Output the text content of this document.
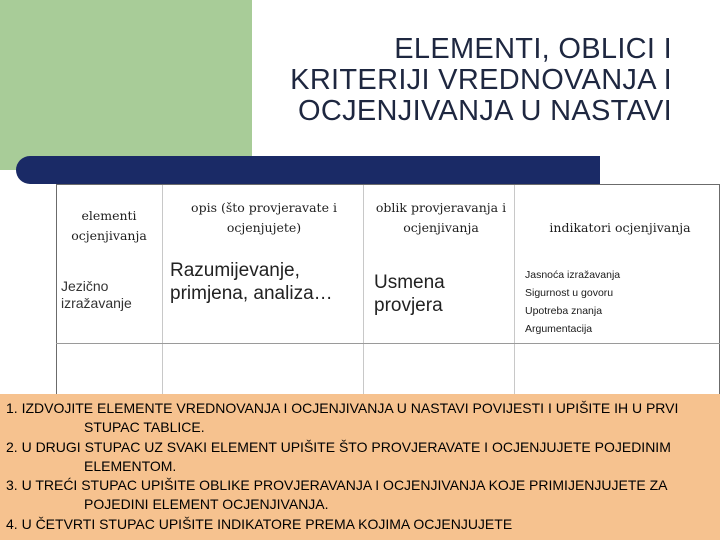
ELEMENTI, OBLICI I
KRITERIJI VREDNOVANJA I
OCJENJIVANJA U NASTAVI
elementi ocjenjivanja
opis (što provjeravate i ocjenjujete)
oblik provjeravanja i ocjenjivanja	indikatori ocjenjivanja
Jezično izražavanje
Razumijevanje, primjena, analiza…
Usmena provjera
Jasnoća izražavanja
Sigurnost u govoru
Upotreba znanja
Argumentacija
1. IZDVOJITE ELEMENTE VREDNOVANJA I OCJENJIVANJA U NASTAVI POVIJESTI I UPIŠITE IH U PRVI STUPAC TABLICE.
2. U DRUGI STUPAC UZ SVAKI ELEMENT UPIŠITE ŠTO PROVJERAVATE I OCJENJUJETE POJEDINIM ELEMENTOM.
3. U TREĆI STUPAC UPIŠITE OBLIKE PROVJERAVANJA I OCJENJIVANJA KOJE PRIMIJENJUJETE ZA POJEDINI ELEMENT OCJENJIVANJA.
4. U ČETVRTI STUPAC UPIŠITE INDIKATORE PREMA KOJIMA OCJENJUJETE
